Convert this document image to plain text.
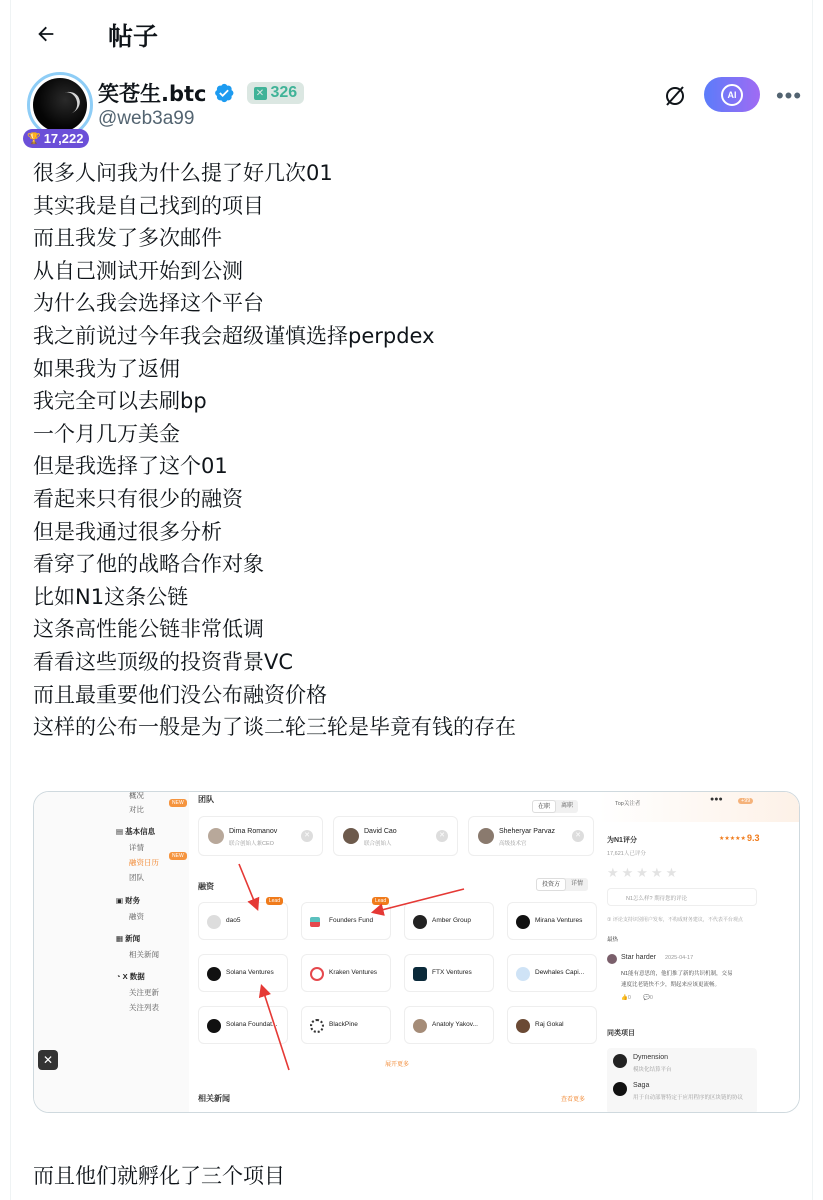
帖子
🏆 17,222
笑苍生.btc	✕ 326
@web3a99
AI •••
很多人问我为什么提了好几次01
其实我是自己找到的项目
而且我发了多次邮件
从自己测试开始到公测
为什么我会选择这个平台
我之前说过今年我会超级谨慎选择perpdex
如果我为了返佣
我完全可以去刷bp
一个月几万美金
但是我选择了这个01
看起来只有很少的融资
但是我通过很多分析
看穿了他的战略合作对象
比如N1这条公链
这条高性能公链非常低调
看看这些顶级的投资背景VC
而且最重要他们没公布融资价格
这样的公布一般是为了谈二轮三轮是毕竟有钱的存在
概况
对比
NEW
▤ 基本信息
详情
融资日历
NEW
团队
▣ 财务
融资
▦ 新闻
相关新闻
◔ X 数据
关注更新
关注列表
✕
团队
在职	离职
Dima Romanov
联合创始人兼CEO
✕
David Cao
联合创始人
✕
Sheheryar Parvaz
高级技术官
✕
融资	投资方	详情
dao5
Lead
Founders Fund
Lead
Amber Group	Mirana Ventures
Solana Ventures	Kraken Ventures	FTX Ventures	Dewhales Capi...
Solana Foundat...	BlackPine	Anatoly Yakov...	Raj Gokal
展开更多
相关新闻	查看更多
Top关注者
●●●	+99
为N1评分	★★★★★ 9.3
17,621人已评分
★★★★★
N1怎么样? 期待您的评论
① 评论支持识别用户发布，不构成财务建议，不代表平台观点
最热
Star harder 2025-04-17
N1能有意思的，他们推了新的共识机制，交易
速度比老链快不少，期起来应该更流畅。
👍0 💬0
同类项目
Dymension
模块化结算平台
Saga
用于自动部署特定于应用程序的区块链的协议
而且他们就孵化了三个项目
